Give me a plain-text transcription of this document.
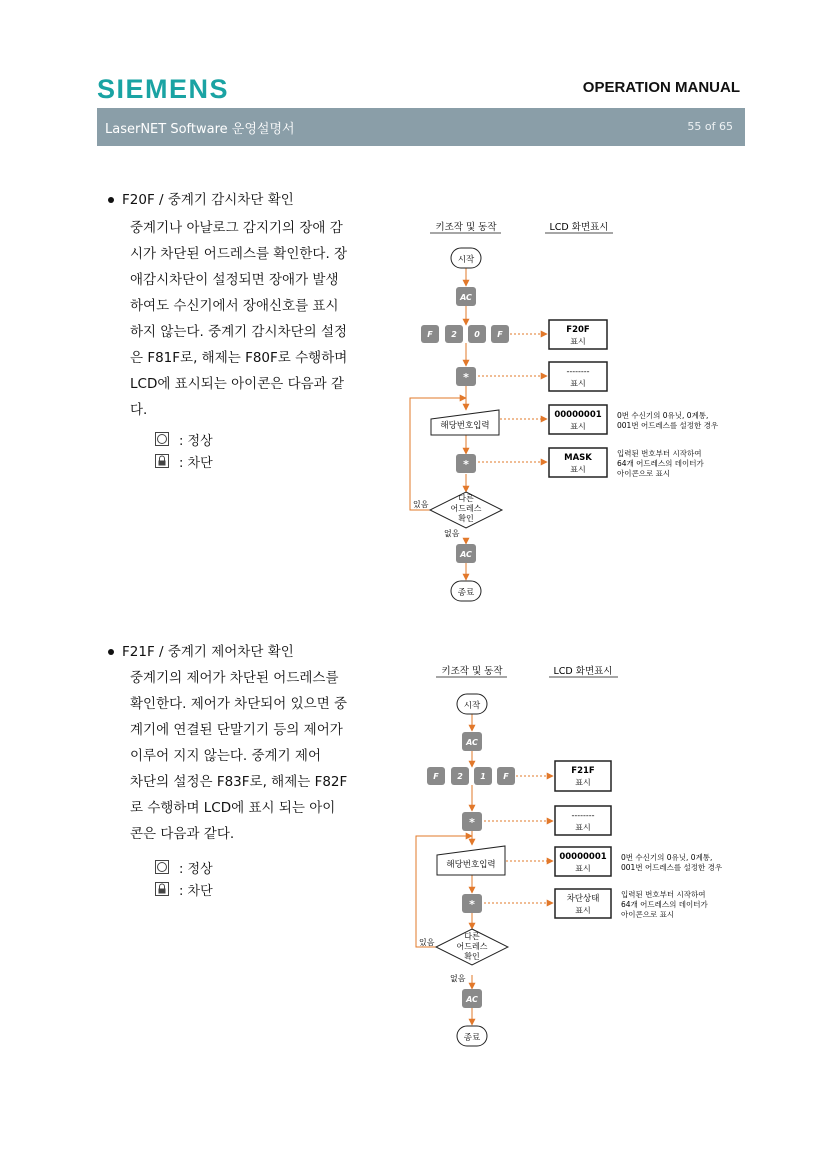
SIEMENS	OPERATION MANUAL
LaserNET Software 운영설명서	55 of 65
F20F / 중계기 감시차단 확인
중계기나 아날로그 감지기의 장애 감
시가 차단된 어드레스를 확인한다. 장
애감시차단이 설정되면 장애가 발생
하여도 수신기에서 장애신호를 표시
하지 않는다. 중계기 감시차단의 설정
은 F81F로, 해제는 F80F로 수행하며
LCD에 표시되는 아이콘은 다음과 같
다.
: 정상
: 차단
키조작 및 동작	LCD 화면표시
시작
AC
F 2 0 F
*
해당번호입력
*
다른
어드레스
확인
있음
없음
AC
종료
F20F
표시
--------
표시
00000001
표시
0번 수신기의 0유닛, 0계통,
001번 어드레스를 설정한 경우
MASK
표시
입력된 번호부터 시작하여
64개 어드레스의 데이터가
아이콘으로 표시
F21F / 중계기 제어차단 확인
중계기의 제어가 차단된 어드레스를
확인한다. 제어가 차단되어 있으면 중
계기에 연결된 단말기기 등의 제어가
이루어 지지 않는다. 중계기 제어
차단의 설정은 F83F로, 해제는 F82F
로 수행하며 LCD에 표시 되는 아이
콘은 다음과 같다.
: 정상
: 차단
키조작 및 동작	LCD 화면표시
시작
AC
F 2 1 F
*
해당번호입력
*
다른
어드레스
확인
있음
없음
AC
종료
F21F
표시
--------
표시
00000001
표시
0번 수신기의 0유닛, 0계통,
001번 어드레스를 설정한 경우
차단상태
표시
입력된 번호부터 시작하여
64개 어드레스의 데이터가
아이콘으로 표시
